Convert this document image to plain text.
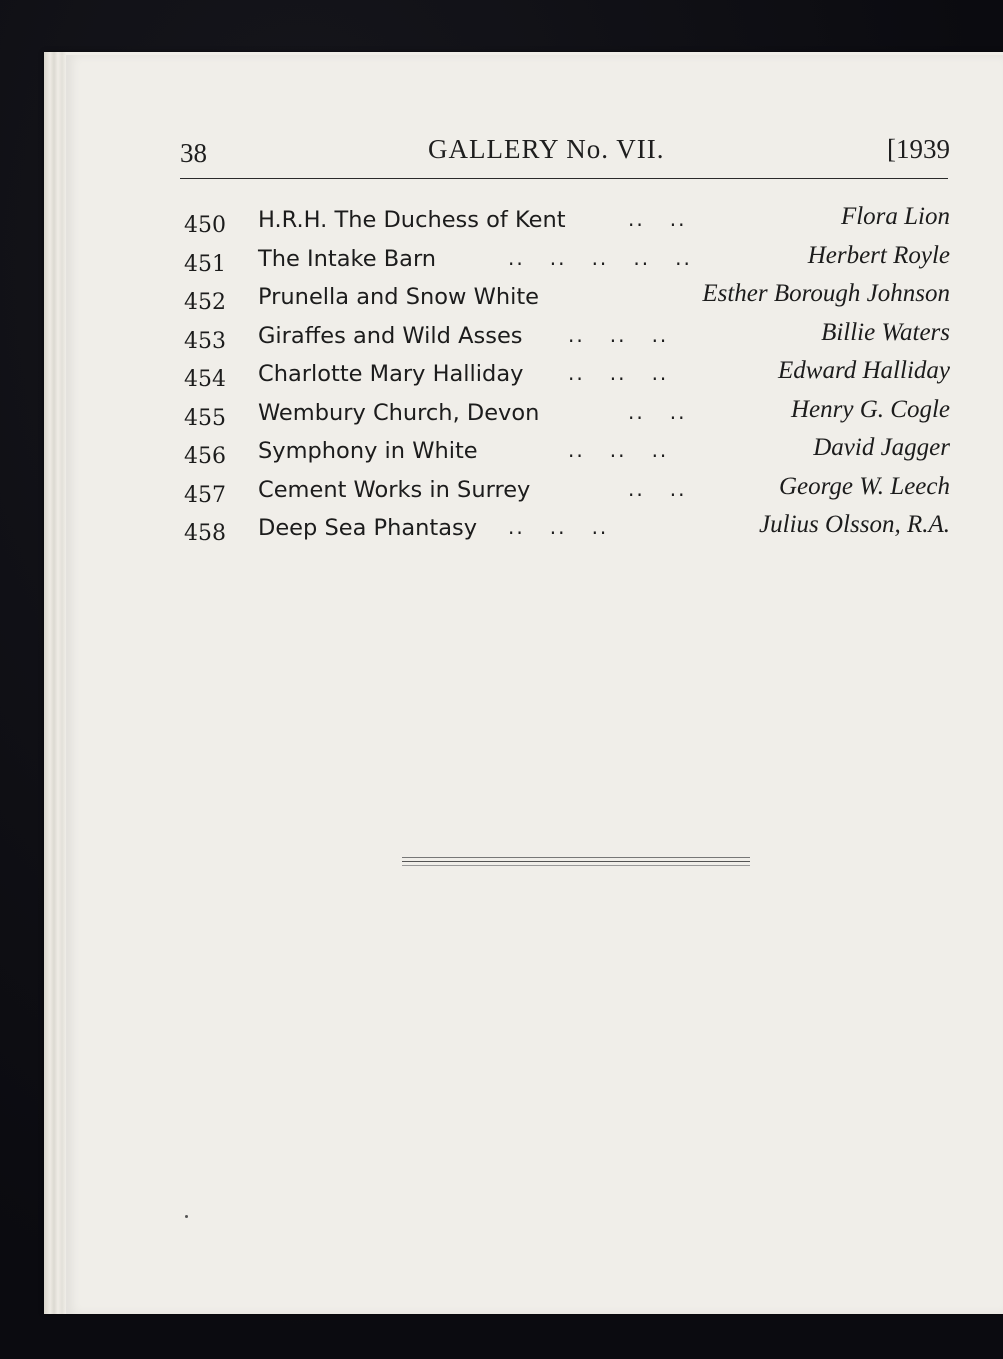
38	GALLERY No. VII.	[1939
450 H.R.H. The Duchess of Kent	..   ..	Flora Lion
451 The Intake Barn	..   ..   ..   ..   ..	Herbert Royle
452 Prunella and Snow White	Esther Borough Johnson
453 Giraffes and Wild Asses ..   ..   ..	Billie Waters
454 Charlotte Mary Halliday ..   ..   ..	Edward Halliday
455 Wembury Church, Devon	..   ..	Henry G. Cogle
456 Symphony in White	..   ..   ..	David Jagger
457 Cement Works in Surrey	..   ..	George W. Leech
458 Deep Sea Phantasy ..   ..   ..	Julius Olsson, R.A.
